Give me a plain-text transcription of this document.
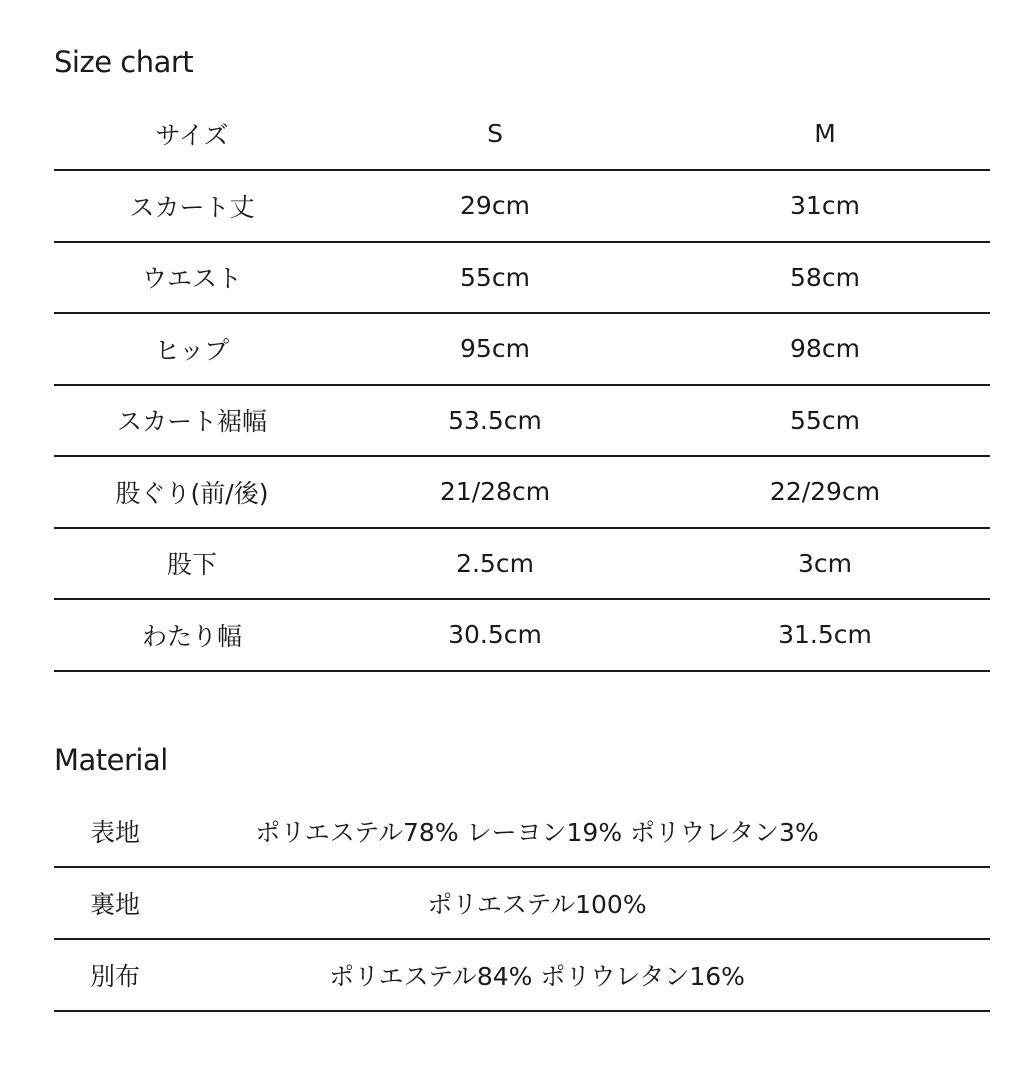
Size chart
サイズ	S	M
スカート丈	29cm	31cm
ウエスト	55cm	58cm
ヒップ	95cm	98cm
スカート裾幅	53.5cm	55cm
股ぐり(前/後)	21/28cm	22/29cm
股下	2.5cm	3cm
わたり幅	30.5cm	31.5cm
Material
表地	ポリエステル78% レーヨン19% ポリウレタン3%
裏地	ポリエステル100%
別布	ポリエステル84% ポリウレタン16%
